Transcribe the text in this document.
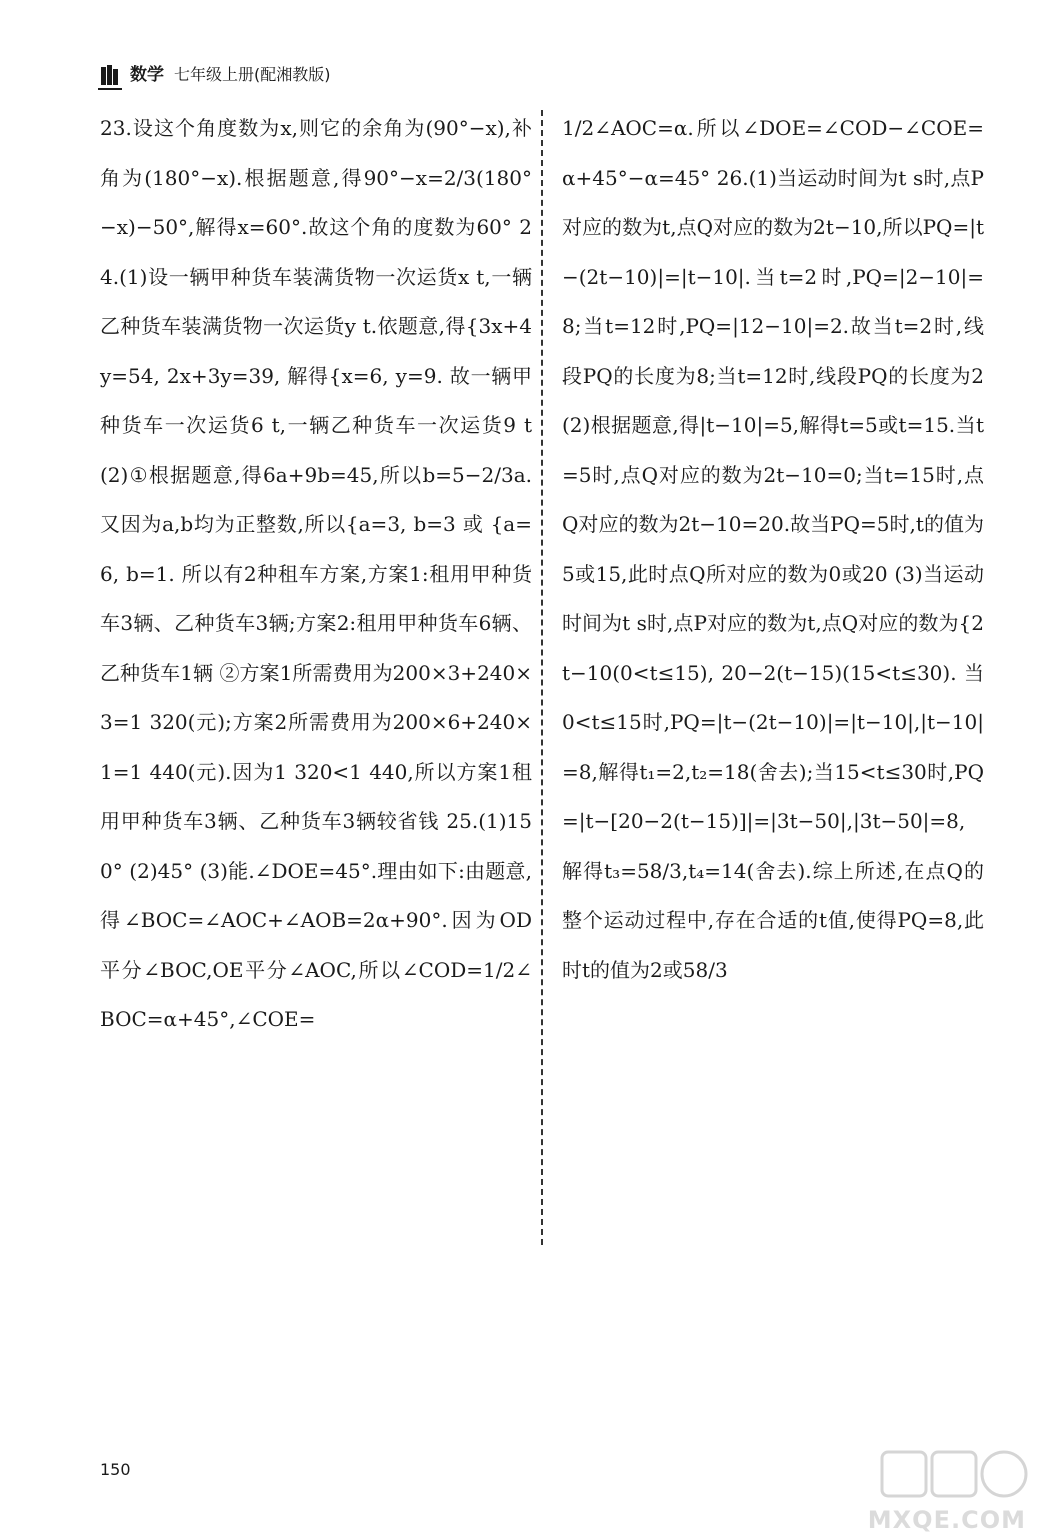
数学 七年级上册(配湘教版)
23.设这个角度数为x,则它的余角为(90°−x),补角为(180°−x).根据题意,得90°−x=2/3(180°−x)−50°,解得x=60°.故这个角的度数为60° 24.(1)设一辆甲种货车装满货物一次运货x t,一辆乙种货车装满货物一次运货y t.依题意,得{3x+4y=54, 2x+3y=39, 解得{x=6, y=9. 故一辆甲种货车一次运货6 t,一辆乙种货车一次运货9 t (2)①根据题意,得6a+9b=45,所以b=5−2/3a.又因为a,b均为正整数,所以{a=3, b=3 或 {a=6, b=1. 所以有2种租车方案,方案1:租用甲种货车3辆、乙种货车3辆;方案2:租用甲种货车6辆、乙种货车1辆 ②方案1所需费用为200×3+240×3=1 320(元);方案2所需费用为200×6+240×1=1 440(元).因为1 320<1 440,所以方案1租用甲种货车3辆、乙种货车3辆较省钱 25.(1)150° (2)45° (3)能.∠DOE=45°.理由如下:由题意,得∠BOC=∠AOC+∠AOB=2α+90°.因为OD平分∠BOC,OE平分∠AOC,所以∠COD=1/2∠BOC=α+45°,∠COE=
1/2∠AOC=α.所以∠DOE=∠COD−∠COE=α+45°−α=45° 26.(1)当运动时间为t s时,点P对应的数为t,点Q对应的数为2t−10,所以PQ=|t−(2t−10)|=|t−10|.当t=2时,PQ=|2−10|=8;当t=12时,PQ=|12−10|=2.故当t=2时,线段PQ的长度为8;当t=12时,线段PQ的长度为2 (2)根据题意,得|t−10|=5,解得t=5或t=15.当t=5时,点Q对应的数为2t−10=0;当t=15时,点Q对应的数为2t−10=20.故当PQ=5时,t的值为5或15,此时点Q所对应的数为0或20 (3)当运动时间为t s时,点P对应的数为t,点Q对应的数为{2t−10(0<t≤15), 20−2(t−15)(15<t≤30). 当0<t≤15时,PQ=|t−(2t−10)|=|t−10|,|t−10|=8,解得t₁=2,t₂=18(舍去);当15<t≤30时,PQ=|t−[20−2(t−15)]|=|3t−50|,|3t−50|=8,解得t₃=58/3,t₄=14(舍去).综上所述,在点Q的整个运动过程中,存在合适的t值,使得PQ=8,此时t的值为2或58/3
150
MXQE.COM
